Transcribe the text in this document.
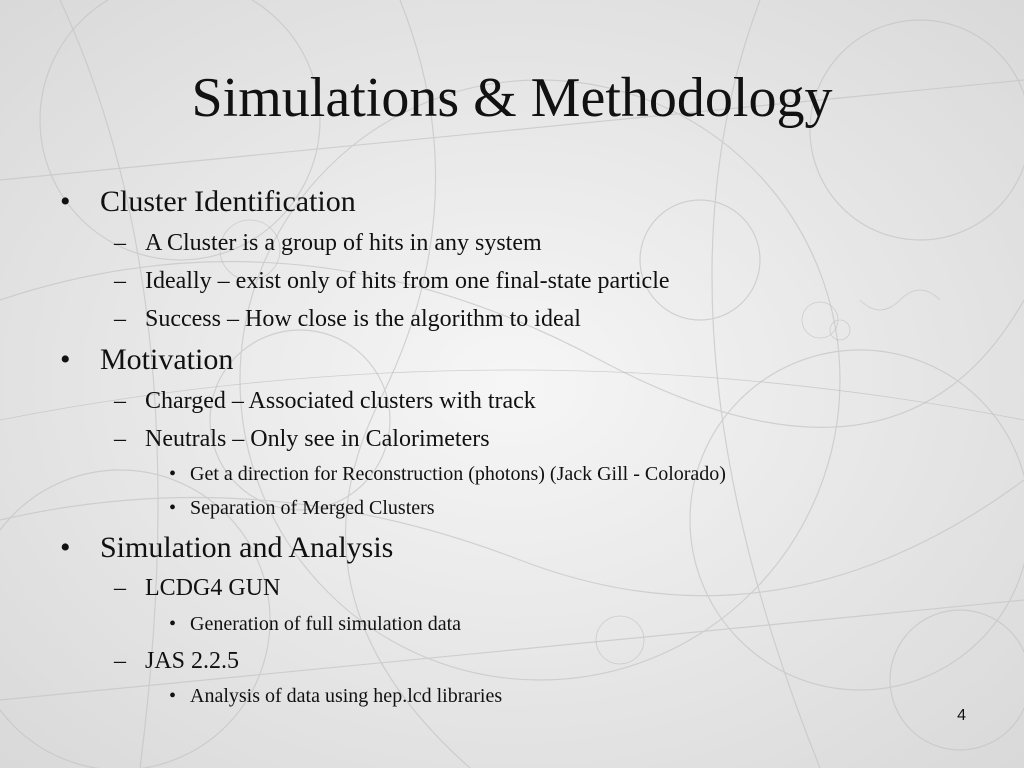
Simulations & Methodology
• Cluster Identification
– A Cluster is a group of hits in any system
– Ideally – exist only of hits from one final-state particle
– Success – How close is the algorithm to ideal
• Motivation
– Charged – Associated clusters with track
– Neutrals – Only see in Calorimeters
• Get a direction for Reconstruction (photons) (Jack Gill - Colorado)
• Separation of Merged Clusters
• Simulation and Analysis
– LCDG4 GUN
• Generation of full simulation data
– JAS 2.2.5
• Analysis of data using hep.lcd libraries
4
